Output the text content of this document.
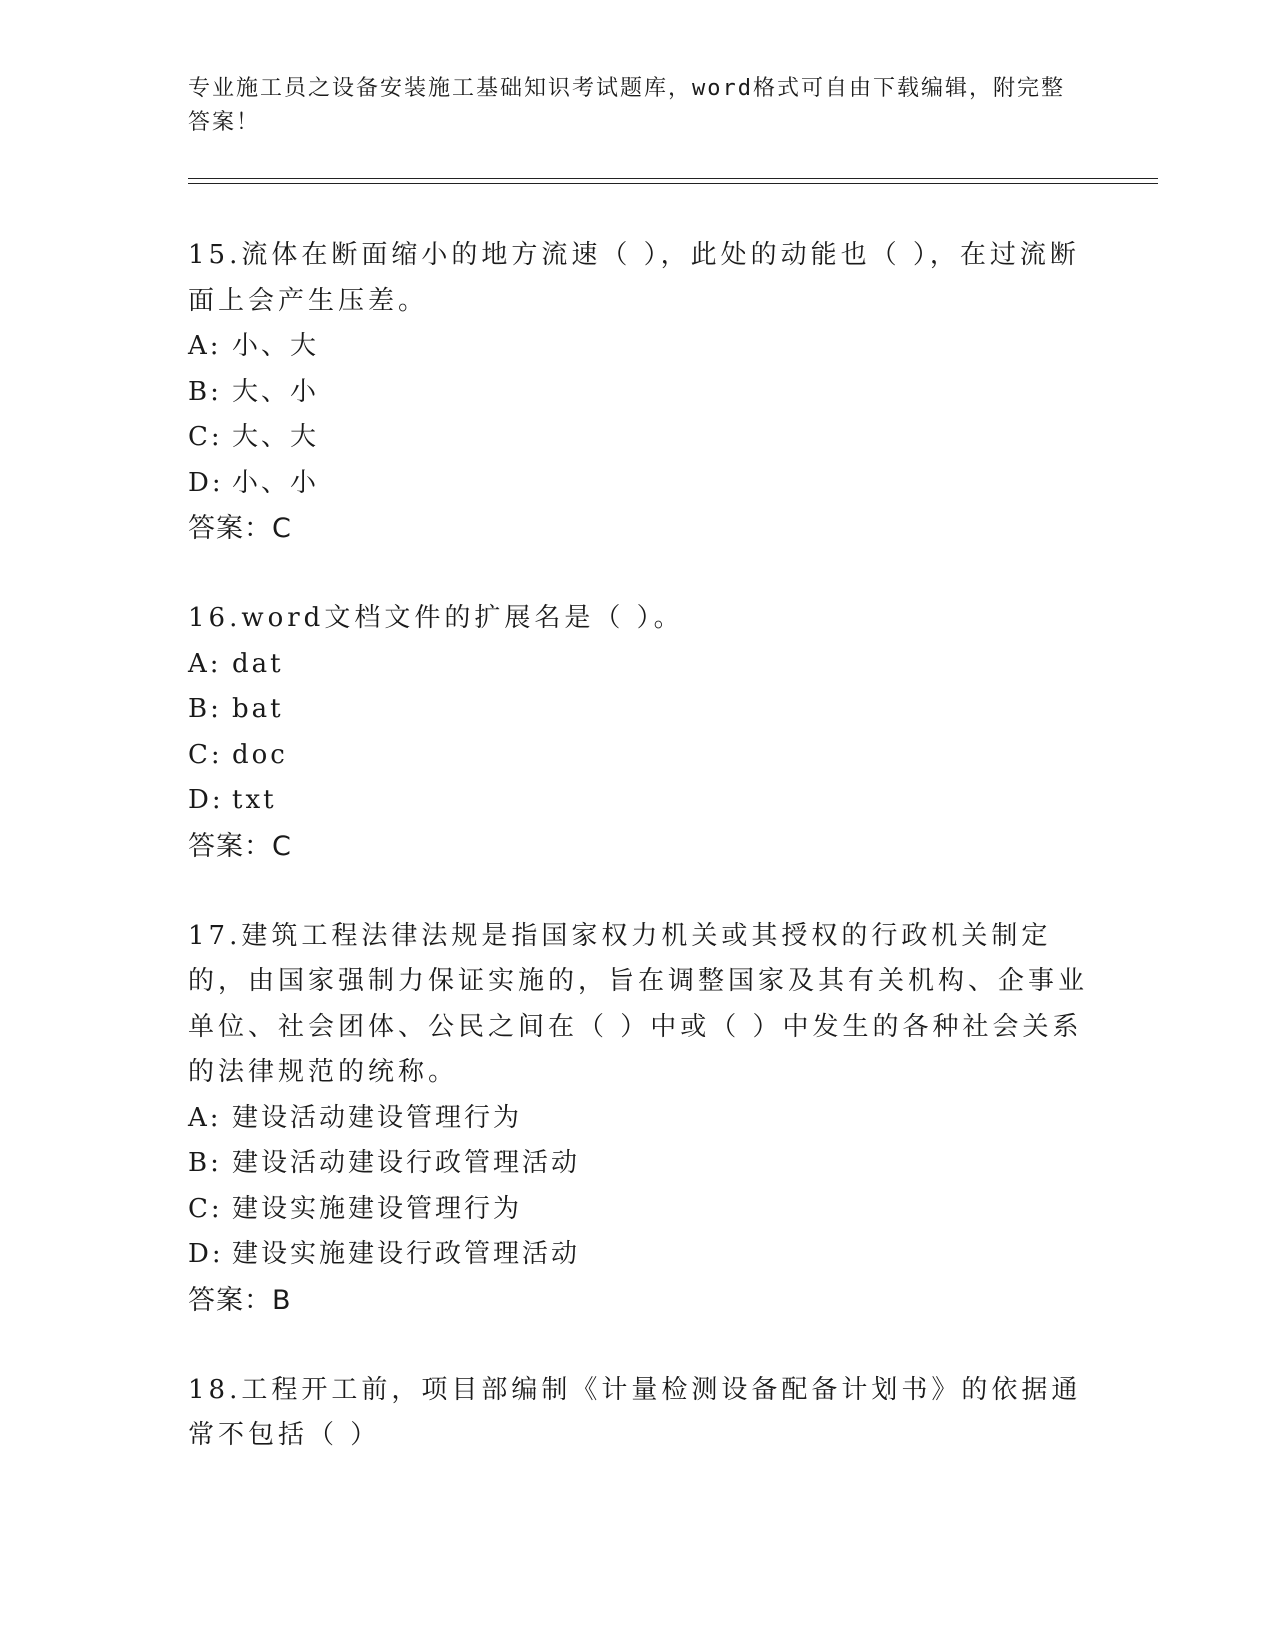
专业施工员之设备安装施工基础知识考试题库，word格式可自由下载编辑，附完整答案！
15.流体在断面缩小的地方流速（ ），此处的动能也（ ），在过流断面上会产生压差。
A: 小、大
B: 大、小
C: 大、大
D: 小、小
答案：C
16.word文档文件的扩展名是（ ）。
A: dat
B: bat
C: doc
D: txt
答案：C
17.建筑工程法律法规是指国家权力机关或其授权的行政机关制定的，由国家强制力保证实施的，旨在调整国家及其有关机构、企事业单位、社会团体、公民之间在（ ）中或（ ）中发生的各种社会关系的法律规范的统称。
A: 建设活动建设管理行为
B: 建设活动建设行政管理活动
C: 建设实施建设管理行为
D: 建设实施建设行政管理活动
答案：B
18.工程开工前，项目部编制《计量检测设备配备计划书》的依据通常不包括（ ）
